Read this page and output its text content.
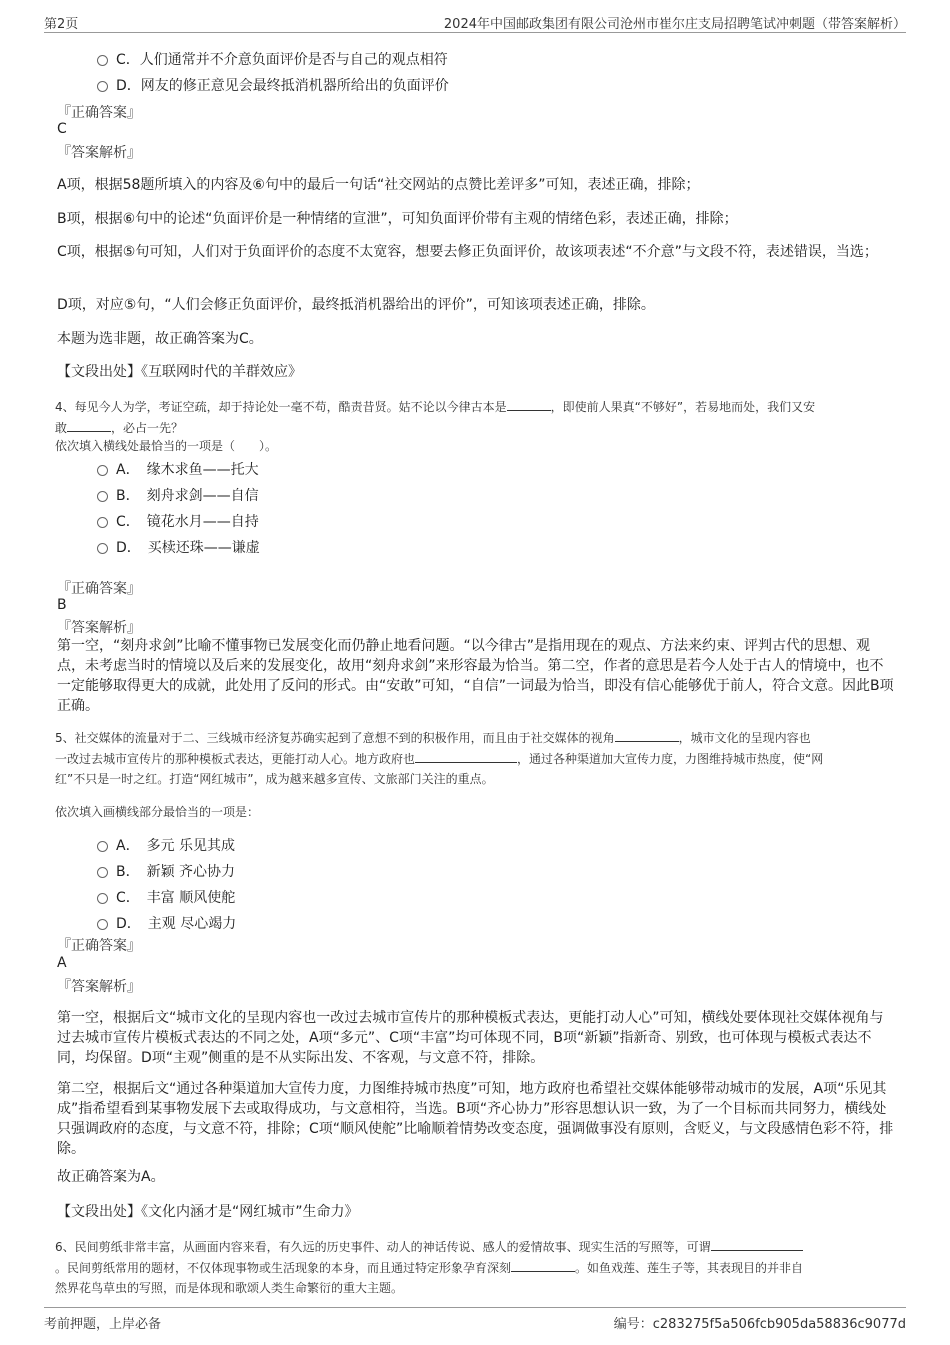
第2页	2024年中国邮政集团有限公司沧州市崔尔庄支局招聘笔试冲刺题（带答案解析）
C．人们通常并不介意负面评价是否与自己的观点相符
D．网友的修正意见会最终抵消机器所给出的负面评价
『正确答案』
C
『答案解析』
A项，根据58题所填入的内容及⑥句中的最后一句话“社交网站的点赞比差评多”可知，表述正确，排除；
B项，根据⑥句中的论述“负面评价是一种情绪的宣泄”，可知负面评价带有主观的情绪色彩，表述正确，排除；
C项，根据⑤句可知，人们对于负面评价的态度不太宽容，想要去修正负面评价，故该项表述“不介意”与文段不符，表述错误，当选；
D项，对应⑤句，“人们会修正负面评价，最终抵消机器给出的评价”，可知该项表述正确，排除。
本题为选非题，故正确答案为C。
【文段出处】《互联网时代的羊群效应》
4、每见今人为学，考证空疏，却于持论处一毫不苟，酷责昔贤。姑不论以今律古本是	，即使前人果真“不够好”，若易地而处，我们又安
敢	，必占一先？
依次填入横线处最恰当的一项是（　　）。
A．　缘木求鱼——托大
B．　刻舟求剑——自信
C．　镜花水月——自持
D．　买椟还珠——谦虚
『正确答案』
B
『答案解析』
第一空，“刻舟求剑”比喻不懂事物已发展变化而仍静止地看问题。“以今律古”是指用现在的观点、方法来约束、评判古代的思想、观点，未考虑当时的情境以及后来的发展变化，故用“刻舟求剑”来形容最为恰当。第二空，作者的意思是若今人处于古人的情境中，也不一定能够取得更大的成就，此处用了反问的形式。由“安敢”可知，“自信”一词最为恰当，即没有信心能够优于前人，符合文意。因此B项正确。
5、社交媒体的流量对于二、三线城市经济复苏确实起到了意想不到的积极作用，而且由于社交媒体的视角	，城市文化的呈现内容也
一改过去城市宣传片的那种模板式表达，更能打动人心。地方政府也	，通过各种渠道加大宣传力度，力图维持城市热度，使“网
红”不只是一时之红。打造“网红城市”，成为越来越多宣传、文旅部门关注的重点。
依次填入画横线部分最恰当的一项是：
A．　多元 乐见其成
B．　新颖 齐心协力
C．　丰富 顺风使舵
D．　主观 尽心竭力
『正确答案』
A
『答案解析』
第一空，根据后文“城市文化的呈现内容也一改过去城市宣传片的那种模板式表达，更能打动人心”可知，横线处要体现社交媒体视角与过去城市宣传片模板式表达的不同之处，A项“多元”、C项“丰富”均可体现不同，B项“新颖”指新奇、别致，也可体现与模板式表达不同，均保留。D项“主观”侧重的是不从实际出发、不客观，与文意不符，排除。
第二空，根据后文“通过各种渠道加大宣传力度，力图维持城市热度”可知，地方政府也希望社交媒体能够带动城市的发展，A项“乐见其成”指希望看到某事物发展下去或取得成功，与文意相符，当选。B项“齐心协力”形容思想认识一致，为了一个目标而共同努力，横线处只强调政府的态度，与文意不符，排除；C项“顺风使舵”比喻顺着情势改变态度，强调做事没有原则，含贬义，与文段感情色彩不符，排除。
故正确答案为A。
【文段出处】《文化内涵才是“网红城市”生命力》
6、民间剪纸非常丰富，从画面内容来看，有久远的历史事件、动人的神话传说、感人的爱情故事、现实生活的写照等，可谓
。民间剪纸常用的题材，不仅体现事物或生活现象的本身，而且通过特定形象孕育深刻	。如鱼戏莲、莲生子等，其表现目的并非自
然界花鸟草虫的写照，而是体现和歌颂人类生命繁衍的重大主题。
考前押题，上岸必备	编号：c283275f5a506fcb905da58836c9077d
